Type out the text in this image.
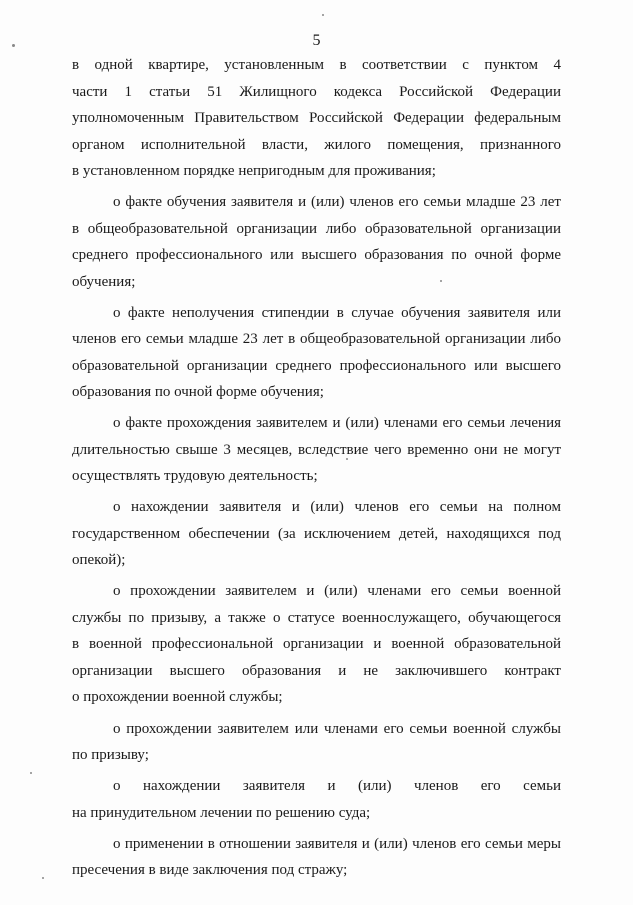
5
в одной квартире, установленным в соответствии с пунктом 4
части 1 статьи 51 Жилищного кодекса Российской Федерации
уполномоченным Правительством Российской Федерации федеральным
органом исполнительной власти, жилого помещения, признанного
в установленном порядке непригодным для проживания;
о факте обучения заявителя и (или) членов его семьи младше 23 лет
в общеобразовательной организации либо образовательной организации
среднего профессионального или высшего образования по очной форме
обучения;
о факте неполучения стипендии в случае обучения заявителя или
членов его семьи младше 23 лет в общеобразовательной организации либо
образовательной организации среднего профессионального или высшего
образования по очной форме обучения;
о факте прохождения заявителем и (или) членами его семьи лечения
длительностью свыше 3 месяцев, вследствие чего временно они не могут
осуществлять трудовую деятельность;
о нахождении заявителя и (или) членов его семьи на полном
государственном обеспечении (за исключением детей, находящихся под
опекой);
о прохождении заявителем и (или) членами его семьи военной
службы по призыву, а также о статусе военнослужащего, обучающегося
в военной профессиональной организации и военной образовательной
организации высшего образования и не заключившего контракт
о прохождении военной службы;
о прохождении заявителем или членами его семьи военной службы
по призыву;
о нахождении заявителя и (или) членов его семьи
на принудительном лечении по решению суда;
о применении в отношении заявителя и (или) членов его семьи меры
пресечения в виде заключения под стражу;
